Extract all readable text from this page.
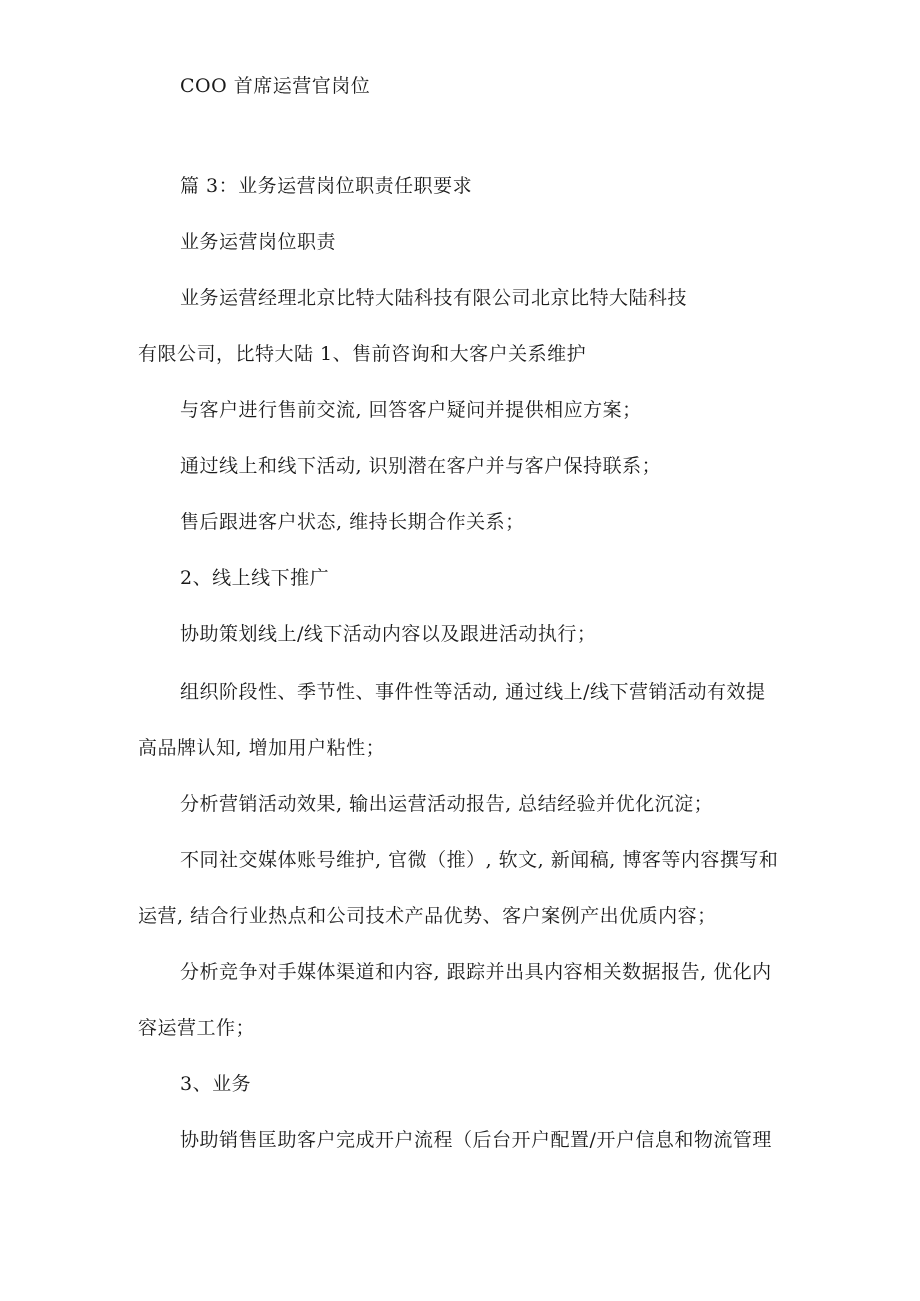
COO 首席运营官岗位
篇 3：业务运营岗位职责任职要求
业务运营岗位职责
业务运营经理北京比特大陆科技有限公司北京比特大陆科技
有限公司，比特大陆 1、售前咨询和大客户关系维护
与客户进行售前交流, 回答客户疑问并提供相应方案；
通过线上和线下活动, 识别潜在客户并与客户保持联系；
售后跟进客户状态, 维持长期合作关系；
2、线上线下推广
协助策划线上/线下活动内容以及跟进活动执行；
组织阶段性、季节性、事件性等活动, 通过线上/线下营销活动有效提
高品牌认知, 增加用户粘性；
分析营销活动效果, 输出运营活动报告, 总结经验并优化沉淀；
不同社交媒体账号维护, 官微（推）, 软文, 新闻稿, 博客等内容撰写和
运营, 结合行业热点和公司技术产品优势、客户案例产出优质内容；
分析竞争对手媒体渠道和内容, 跟踪并出具内容相关数据报告, 优化内
容运营工作；
3、业务
协助销售匡助客户完成开户流程（后台开户配置/开户信息和物流管理
